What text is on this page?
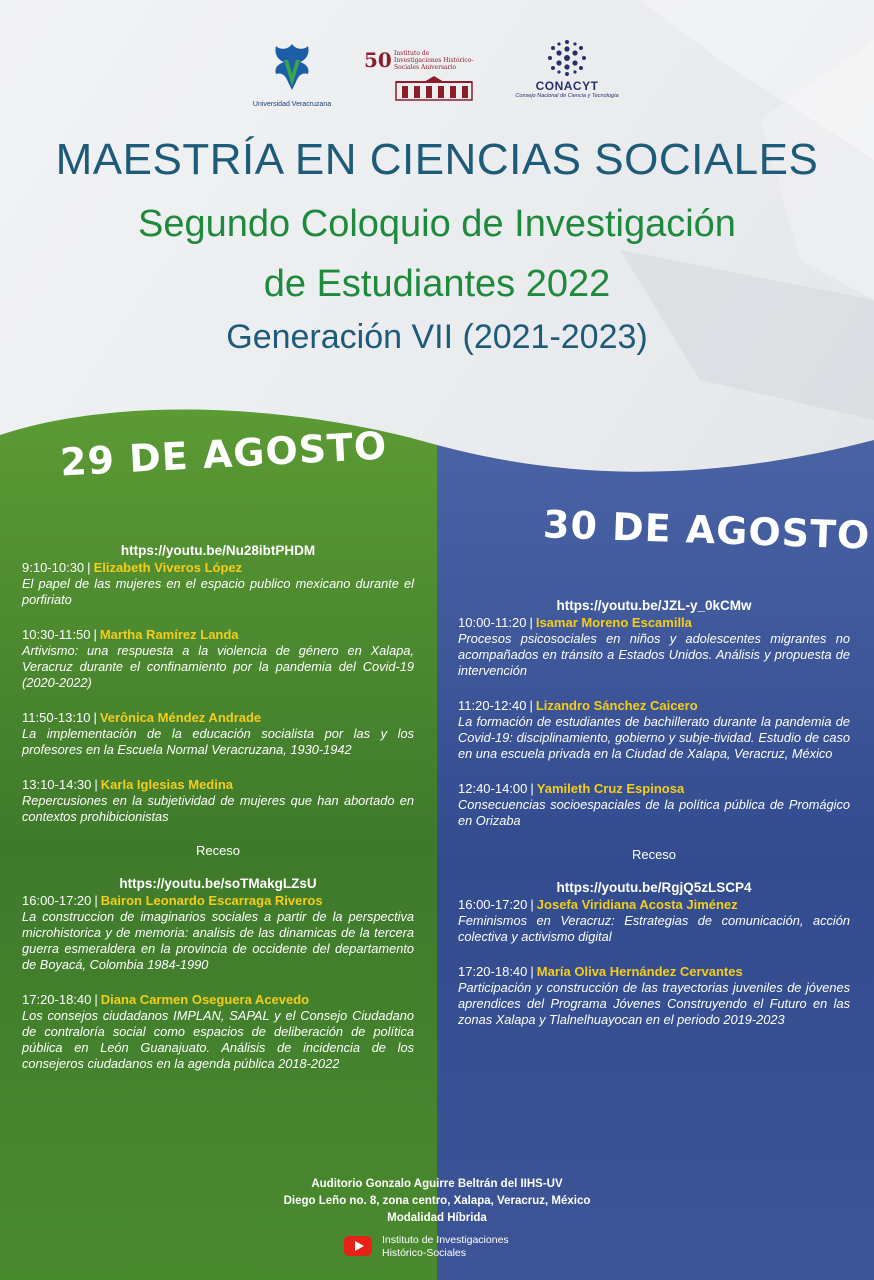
Universidad Veracruzana
50 Instituto de Investigaciones Histórico-Sociales Aniversario
CONACYT
Consejo Nacional de Ciencia y Tecnología
MAESTRÍA EN CIENCIAS SOCIALES
Segundo Coloquio de Investigación
de Estudiantes 2022
Generación VII (2021-2023)
29 DE AGOSTO
30 DE AGOSTO
https://youtu.be/Nu28ibtPHDM
9:10-10:30 | Elizabeth Viveros López
El papel de las mujeres en el espacio publico mexicano durante el porfiriato
10:30-11:50 | Martha Ramírez Landa
Artivismo: una respuesta a la violencia de género en Xalapa, Veracruz durante el confinamiento por la pandemia del Covid-19 (2020-2022)
11:50-13:10 | Verônica Méndez Andrade
La implementación de la educación socialista por las y los profesores en la Escuela Normal Veracruzana, 1930-1942
13:10-14:30 | Karla Iglesias Medina
Repercusiones en la subjetividad de mujeres que han abortado en contextos prohibicionistas
Receso
https://youtu.be/soTMakgLZsU
16:00-17:20 | Bairon Leonardo Escarraga Riveros
La construccion de imaginarios sociales a partir de la perspectiva microhistorica y de memoria: analisis de las dinamicas de la tercera guerra esmeraldera en la provincia de occidente del departamento de Boyacá, Colombia 1984-1990
17:20-18:40 | Diana Carmen Oseguera Acevedo
Los consejos ciudadanos IMPLAN, SAPAL y el Consejo Ciudadano de contraloría social como espacios de deliberación de política pública en León Guanajuato. Análisis de incidencia de los consejeros ciudadanos en la agenda pública 2018-2022
https://youtu.be/JZL-y_0kCMw
10:00-11:20 | Isamar Moreno Escamilla
Procesos psicosociales en niños y adolescentes migrantes no acompañados en tránsito a Estados Unidos. Análisis y propuesta de intervención
11:20-12:40 | Lizandro Sánchez Caicero
La formación de estudiantes de bachillerato durante la pandemia de Covid-19: disciplinamiento, gobierno y subje-tividad. Estudio de caso en una escuela privada en la Ciudad de Xalapa, Veracruz, México
12:40-14:00 | Yamileth Cruz Espinosa
Consecuencias socioespaciales de la política pública de Promágico en Orizaba
Receso
https://youtu.be/RgjQ5zLSCP4
16:00-17:20 | Josefa Viridiana Acosta Jiménez
Feminismos en Veracruz: Estrategias de comunicación, acción colectiva y activismo digital
17:20-18:40 | María Oliva Hernández Cervantes
Participación y construcción de las trayectorias juveniles de jóvenes aprendices del Programa Jóvenes Construyendo el Futuro en las zonas Xalapa y Tlalnelhuayocan en el periodo 2019-2023
Auditorio Gonzalo Aguirre Beltrán del IIHS-UV
Diego Leño no. 8, zona centro, Xalapa, Veracruz, México
Modalidad Híbrida
Instituto de Investigaciones
Histórico-Sociales
